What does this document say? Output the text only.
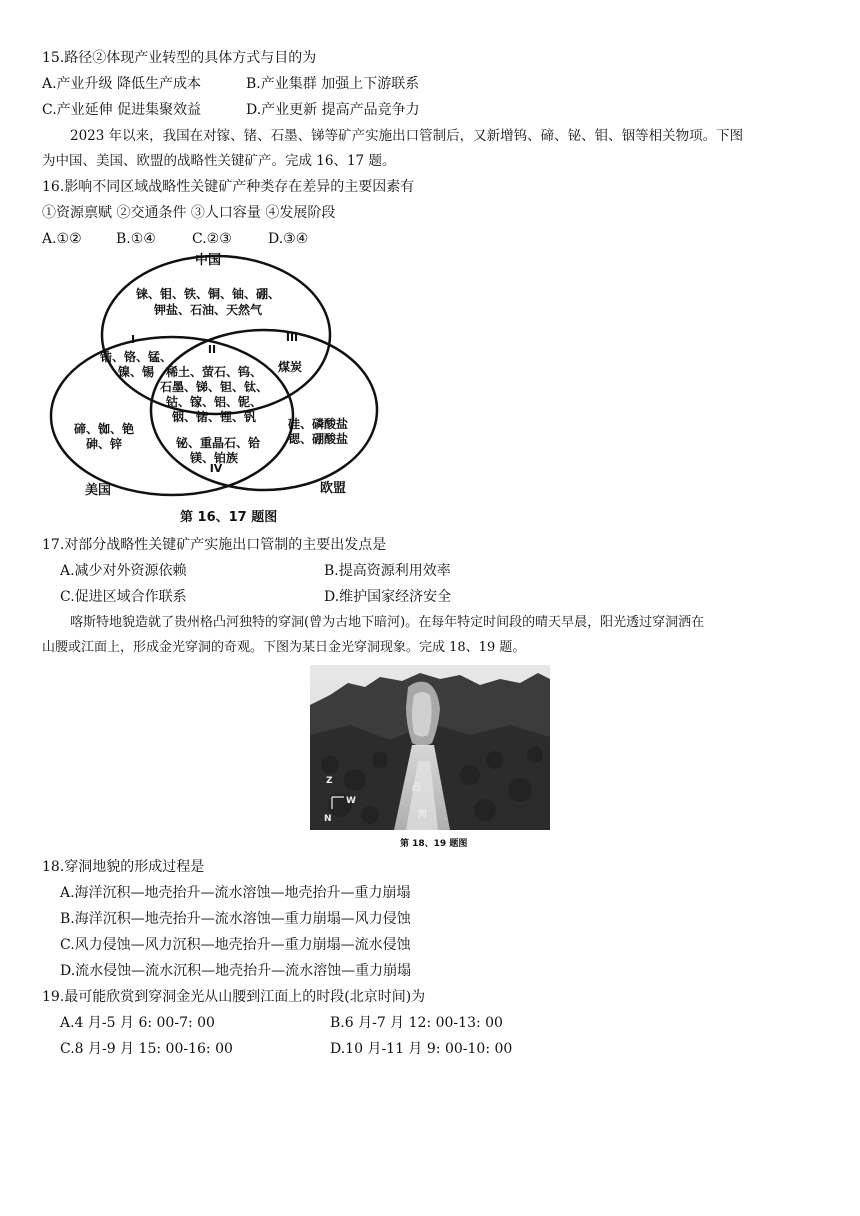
15.路径②体现产业转型的具体方式与目的为
A.产业升级 降低生产成本	B.产业集群 加强上下游联系
C.产业延伸 促进集聚效益	D.产业更新 提高产品竞争力
2023 年以来，我国在对镓、锗、石墨、锑等矿产实施出口管制后，又新增钨、碲、铋、钼、铟等相关物项。下图
为中国、美国、欧盟的战略性关键矿产。完成 16、17 题。
16.影响不同区域战略性关键矿产种类存在差异的主要因素有
①资源禀赋 ②交通条件 ③人口容量 ④发展阶段
A.①② B.①④	C.②③	D.③④
中国
美国	欧盟
I
II
III
IV
铼、钼、铁、铜、铀、硼、
钾盐、石油、天然气
锆、铬、锰、
镍、锡 稀土、萤石、钨、
石墨、锑、钽、钛、
钴、镓、铝、铌、
铟、锗、锂、钒
煤炭
碲、铷、铯
砷、锌	铋、重晶石、铪
镁、铂族
硅、磷酸盐
锶、硼酸盐
第 16、17 题图
17.对部分战略性关键矿产实施出口管制的主要出发点是
A.减少对外资源依赖	B.提高资源利用效率
C.促进区域合作联系	D.维护国家经济安全
喀斯特地貌造就了贵州格凸河独特的穿洞(曾为古地下暗河)。在每年特定时间段的晴天早晨，阳光透过穿洞洒在
山腰或江面上，形成金光穿洞的奇观。下图为某日金光穿洞现象。完成 18、19 题。
Z
W
N
凸
河
第 18、19 题图
18.穿洞地貌的形成过程是
A.海洋沉积—地壳抬升—流水溶蚀—地壳抬升—重力崩塌
B.海洋沉积—地壳抬升—流水溶蚀—重力崩塌—风力侵蚀
C.风力侵蚀—风力沉积—地壳抬升—重力崩塌—流水侵蚀
D.流水侵蚀—流水沉积—地壳抬升—流水溶蚀—重力崩塌
19.最可能欣赏到穿洞金光从山腰到江面上的时段(北京时间)为
A.4 月-5 月 6: 00-7: 00	B.6 月-7 月 12: 00-13: 00
C.8 月-9 月 15: 00-16: 00	D.10 月-11 月 9: 00-10: 00
